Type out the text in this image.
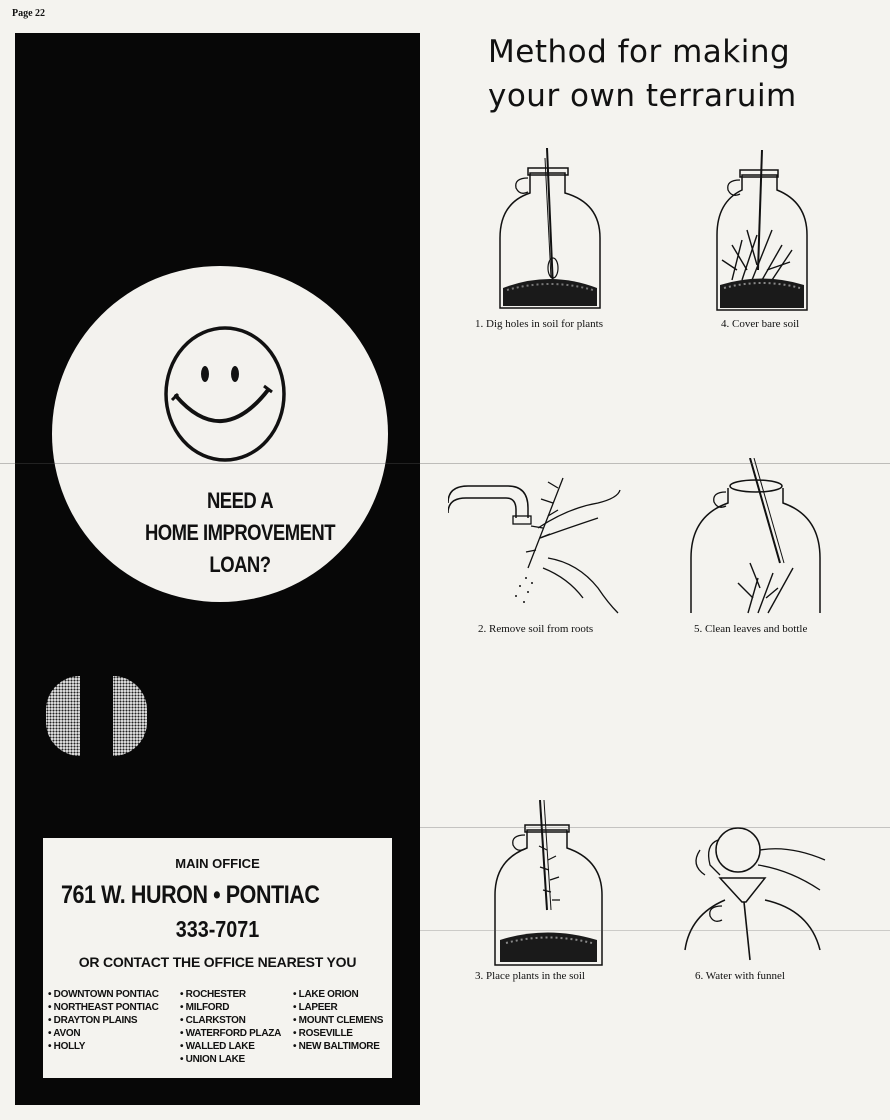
Page 22
NEED A
HOME IMPROVEMENT
LOAN?
MAIN OFFICE
761 W. HURON • PONTIAC
333-7071
OR CONTACT THE OFFICE NEAREST YOU
• DOWNTOWN PONTIAC
• NORTHEAST PONTIAC
• DRAYTON PLAINS
• AVON
• HOLLY
• ROCHESTER
• MILFORD
• CLARKSTON
• WATERFORD PLAZA
• WALLED LAKE
• UNION LAKE
• LAKE ORION
• LAPEER
• MOUNT CLEMENS
• ROSEVILLE
• NEW BALTIMORE
Method for making
your own terraruim
1. Dig holes in soil for plants	4. Cover bare soil
2. Remove soil from roots	5. Clean leaves and bottle
3. Place plants in the soil	6. Water with funnel
